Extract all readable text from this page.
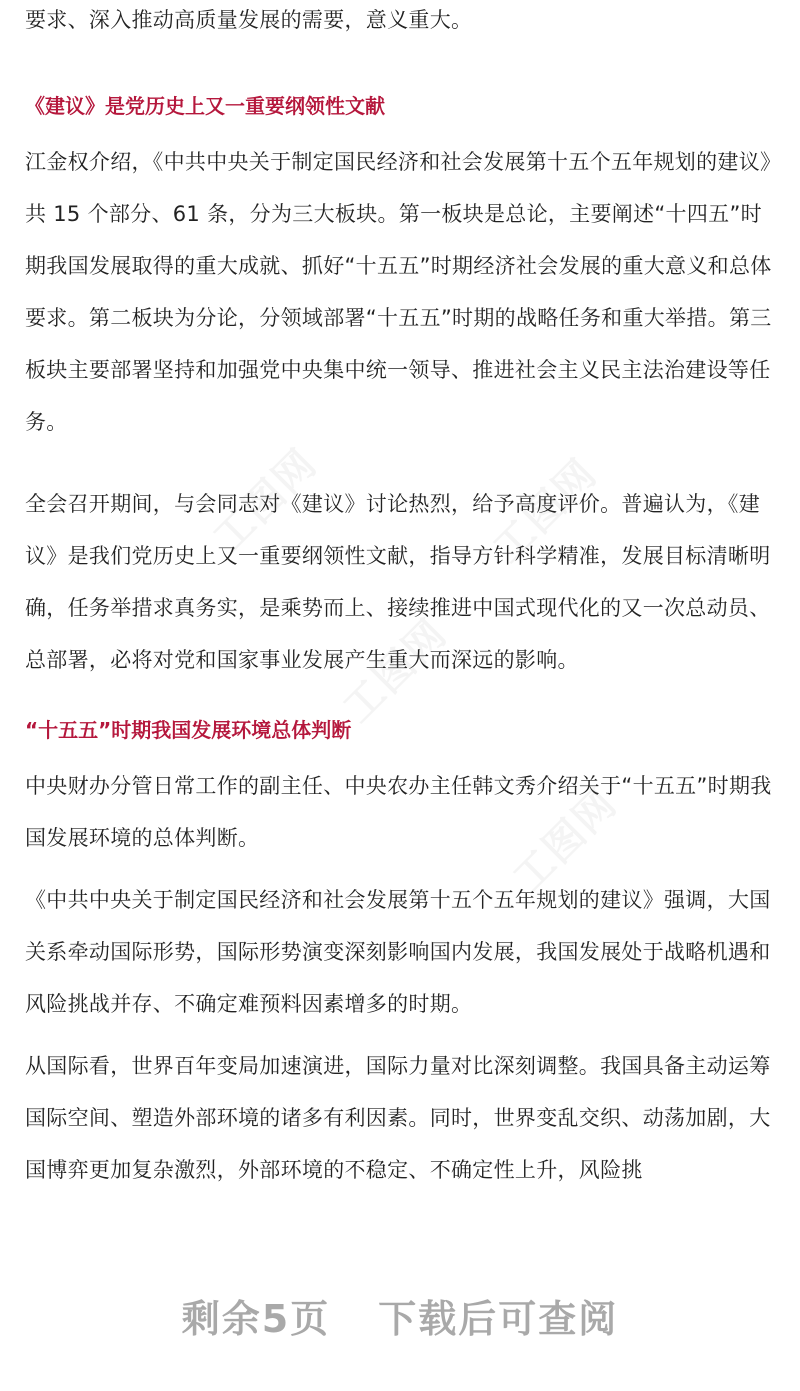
要求、深入推动高质量发展的需要，意义重大。

《建议》是党历史上又一重要纲领性文献

江金权介绍，《中共中央关于制定国民经济和社会发展第十五个五年规划的建议》共 15 个部分、61 条，分为三大板块。第一板块是总论，主要阐述“十四五”时期我国发展取得的重大成就、抓好“十五五”时期经济社会发展的重大意义和总体要求。第二板块为分论，分领域部署“十五五”时期的战略任务和重大举措。第三板块主要部署坚持和加强党中央集中统一领导、推进社会主义民主法治建设等任务。

全会召开期间，与会同志对《建议》讨论热烈，给予高度评价。普遍认为，《建议》是我们党历史上又一重要纲领性文献，指导方针科学精准，发展目标清晰明确，任务举措求真务实，是乘势而上、接续推进中国式现代化的又一次总动员、总部署，必将对党和国家事业发展产生重大而深远的影响。

“十五五”时期我国发展环境总体判断

中央财办分管日常工作的副主任、中央农办主任韩文秀介绍关于“十五五”时期我国发展环境的总体判断。

《中共中央关于制定国民经济和社会发展第十五个五年规划的建议》强调，大国关系牵动国际形势，国际形势演变深刻影响国内发展，我国发展处于战略机遇和风险挑战并存、不确定难预料因素增多的时期。

从国际看，世界百年变局加速演进，国际力量对比深刻调整。我国具备主动运筹国际空间、塑造外部环境的诸多有利因素。同时，世界变乱交织、动荡加剧，大国博弈更加复杂激烈，外部环境的不稳定、不确定性上升，风险挑

工图网	工图网
工图网
工图网
剩余5页 下载后可查阅
